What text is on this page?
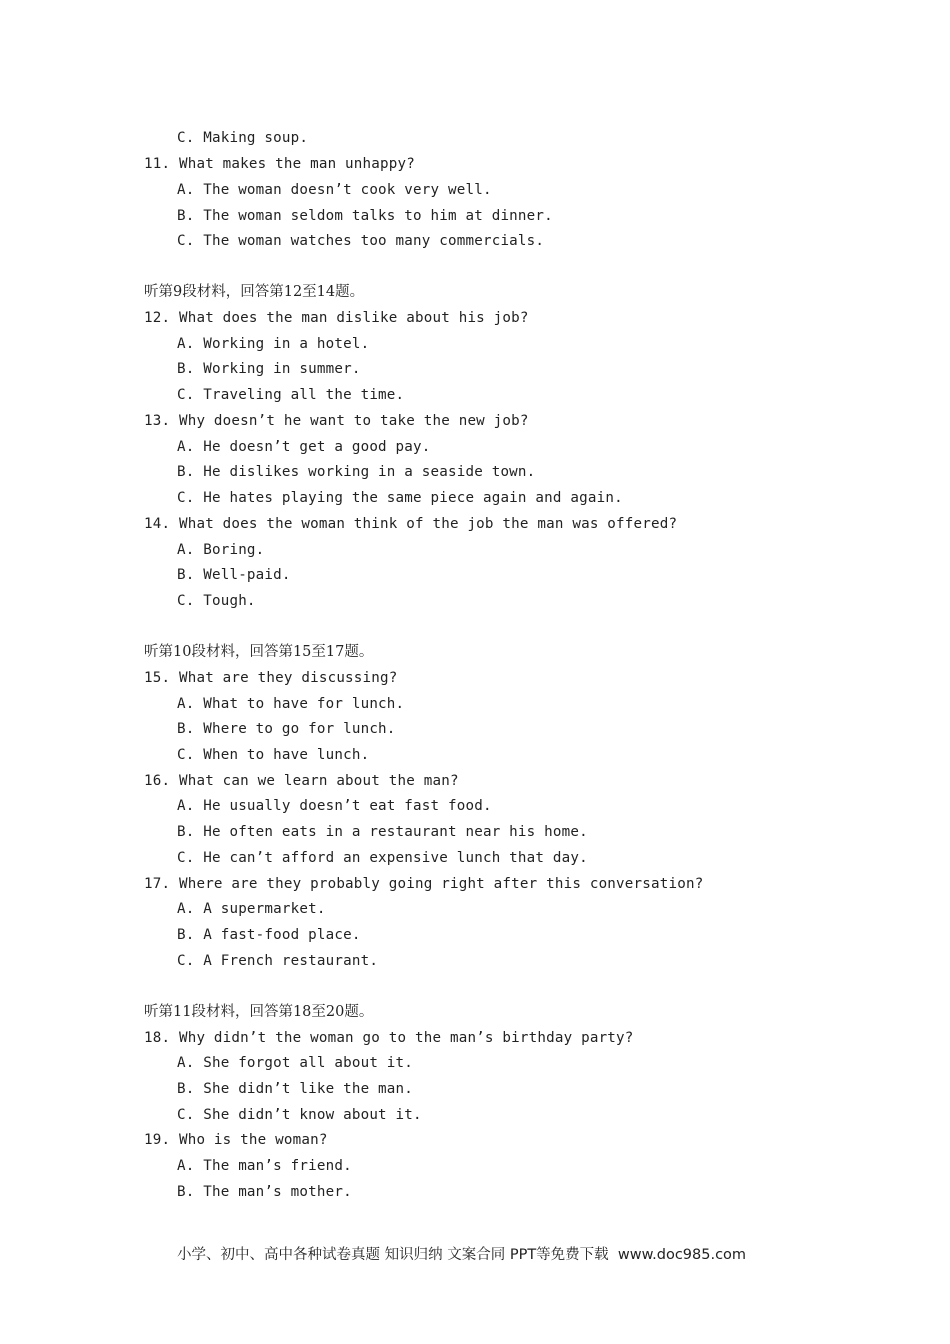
C. Making soup.
11. What makes the man unhappy?
A. The woman doesn’t cook very well.
B. The woman seldom talks to him at dinner.
C. The woman watches too many commercials.
听第9段材料，回答第12至14题。
12. What does the man dislike about his job?
A. Working in a hotel.
B. Working in summer.
C. Traveling all the time.
13. Why doesn’t he want to take the new job?
A. He doesn’t get a good pay.
B. He dislikes working in a seaside town.
C. He hates playing the same piece again and again.
14. What does the woman think of the job the man was offered?
A. Boring.
B. Well-paid.
C. Tough.
听第10段材料，回答第15至17题。
15. What are they discussing?
A. What to have for lunch.
B. Where to go for lunch.
C. When to have lunch.
16. What can we learn about the man?
A. He usually doesn’t eat fast food.
B. He often eats in a restaurant near his home.
C. He can’t afford an expensive lunch that day.
17. Where are they probably going right after this conversation?
A. A supermarket.
B. A fast-food place.
C. A French restaurant.
听第11段材料，回答第18至20题。
18. Why didn’t the woman go to the man’s birthday party?
A. She forgot all about it.
B. She didn’t like the man.
C. She didn’t know about it.
19. Who is the woman?
A. The man’s friend.
B. The man’s mother.
小学、初中、高中各种试卷真题 知识归纳 文案合同 PPT等免费下载  www.doc985.com
